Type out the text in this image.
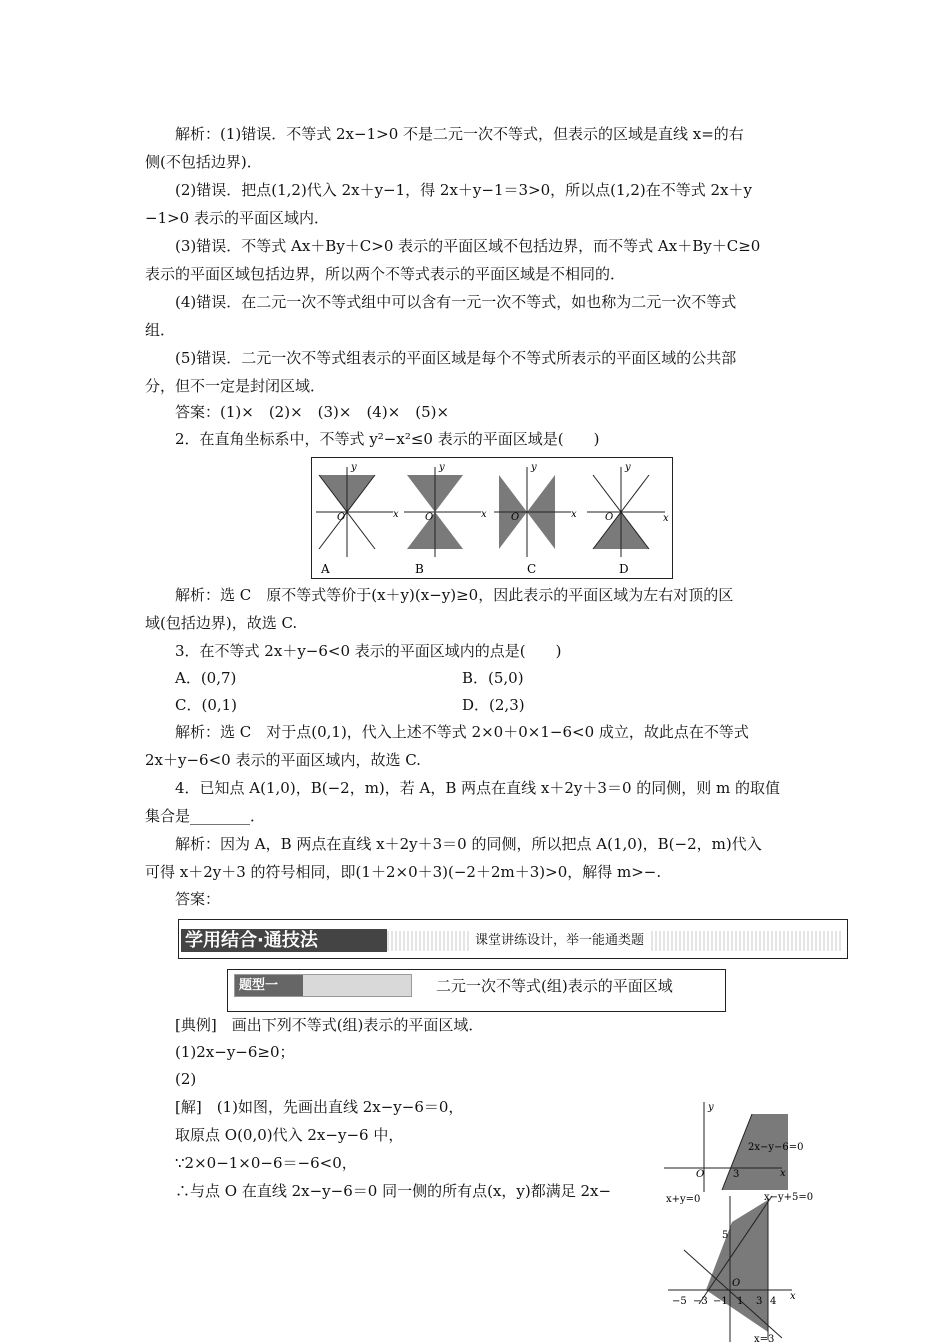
解析：(1)错误．不等式 2x−1>0 不是二元一次不等式，但表示的区域是直线 x=的右
侧(不包括边界)．
(2)错误．把点(1,2)代入 2x＋y−1，得 2x＋y−1＝3>0，所以点(1,2)在不等式 2x＋y
−1>0 表示的平面区域内．
(3)错误．不等式 Ax＋By＋C>0 表示的平面区域不包括边界，而不等式 Ax＋By＋C≥0
表示的平面区域包括边界，所以两个不等式表示的平面区域是不相同的．
(4)错误．在二元一次不等式组中可以含有一元一次不等式，如也称为二元一次不等式
组．
(5)错误．二元一次不等式组表示的平面区域是每个不等式所表示的平面区域的公共部
分，但不一定是封闭区域．
答案：(1)×　(2)×　(3)×　(4)×　(5)×
2．在直角坐标系中，不等式 y²−x²≤0 表示的平面区域是(　　)
y
x
O
y
x
O
y
x
O
y
x
O
A	B	C	D
解析：选 C　原不等式等价于(x＋y)(x−y)≥0，因此表示的平面区域为左右对顶的区
域(包括边界)，故选 C.
3．在不等式 2x＋y−6<0 表示的平面区域内的点是(　　)
A．(0,7)	B．(5,0)
C．(0,1)	D．(2,3)
解析：选 C　对于点(0,1)，代入上述不等式 2×0＋0×1−6<0 成立，故此点在不等式
2x＋y−6<0 表示的平面区域内，故选 C.
4．已知点 A(1,0)，B(−2，m)，若 A，B 两点在直线 x＋2y＋3＝0 的同侧，则 m 的取值
集合是________．
解析：因为 A，B 两点在直线 x＋2y＋3＝0 的同侧，所以把点 A(1,0)，B(−2，m)代入
可得 x＋2y＋3 的符号相同，即(1＋2×0＋3)(−2＋2m＋3)>0，解得 m>−.
答案：
学用结合·通技法	课堂讲练设计，举一能通类题
题型一	二元一次不等式(组)表示的平面区域
[典例]　画出下列不等式(组)表示的平面区域．
(1)2x−y−6≥0；
(2)
[解]　(1)如图，先画出直线 2x−y−6＝0，
取原点 O(0,0)代入 2x−y−6 中，
∵2×0−1×0−6＝−6<0，
∴与点 O 在直线 2x−y−6＝0 同一侧的所有点(x，y)都满足 2x−
y
x
O	3
2x−y−6=0
x+y=0	x−y+5=0
5
O
x
−5 −3 −1 1 3 4
x=3
